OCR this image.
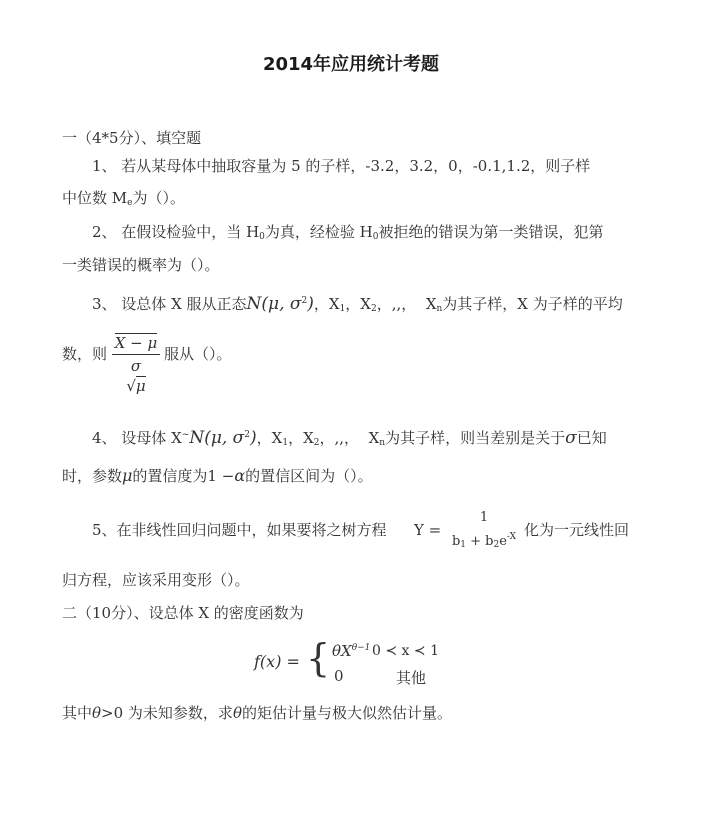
2014年应用统计考题
一（4*5分）、填空题
1、 若从某母体中抽取容量为 5 的子样，-3.2，3.2，0，-0.1,1.2，则子样
中位数 $M_e$为（）。
2、 在假设检验中，当 $H_0$为真，经检验 $H_0$被拒绝的错误为第一类错误，犯第
一类错误的概率为（）。
3、 设总体 X 服从正态N(μ, $\sigma^2$)，$X_1$，$X_2$，,,， $X_n$为其子样，X 为子样的平均
数，则
X − μ
σ
√μ
服从（）。
4、 设母体 X~N(μ, $\sigma^2$)，$X_1$，$X_2$，,,， $X_n$为其子样，则当差别是关于σ已知
时，参数μ的置信度为1 −α的置信区间为（）。
5、在非线性回归问题中，如果要将之树方程 Y =
1
$b_1 + b_2e^{-X}$ 化为一元线性回
归方程，应该采用变形（）。
二（10分）、设总体 X 的密度函数为
f(x) = { $\theta X^{\theta-1}$ 0 ≺ x ≺ 1
0	其他
其中θ>0 为未知参数，求θ的矩估计量与极大似然估计量。
